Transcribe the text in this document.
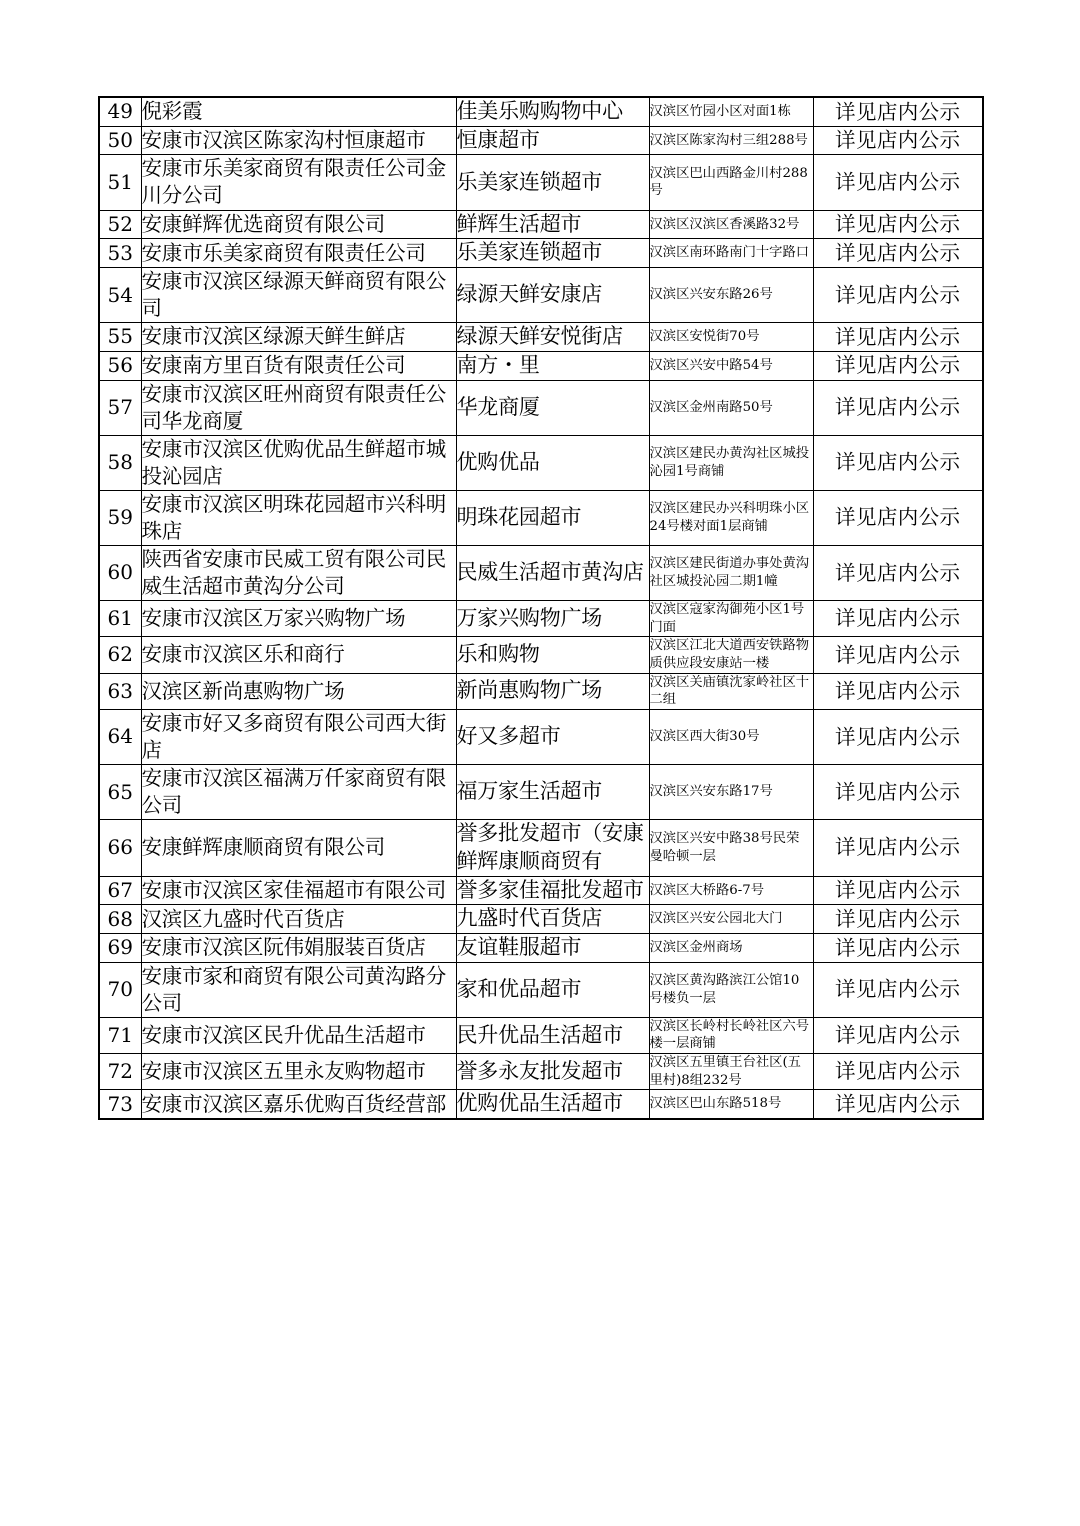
49	倪彩霞	佳美乐购购物中心	汉滨区竹园小区对面1栋	详见店内公示
50	安康市汉滨区陈家沟村恒康超市	恒康超市	汉滨区陈家沟村三组288号	详见店内公示
51	安康市乐美家商贸有限责任公司金川分公司	乐美家连锁超市	汉滨区巴山西路金川村288号	详见店内公示
52	安康鲜辉优选商贸有限公司	鲜辉生活超市	汉滨区汉滨区香溪路32号	详见店内公示
53	安康市乐美家商贸有限责任公司	乐美家连锁超市	汉滨区南环路南门十字路口	详见店内公示
54	安康市汉滨区绿源天鲜商贸有限公司	绿源天鲜安康店	汉滨区兴安东路26号	详见店内公示
55	安康市汉滨区绿源天鲜生鲜店	绿源天鲜安悦街店	汉滨区安悦街70号	详见店内公示
56	安康南方里百货有限责任公司	南方・里	汉滨区兴安中路54号	详见店内公示
57	安康市汉滨区旺州商贸有限责任公司华龙商厦	华龙商厦	汉滨区金州南路50号	详见店内公示
58	安康市汉滨区优购优品生鲜超市城投沁园店	优购优品	汉滨区建民办黄沟社区城投沁园1号商铺	详见店内公示
59	安康市汉滨区明珠花园超市兴科明珠店	明珠花园超市	汉滨区建民办兴科明珠小区24号楼对面1层商铺	详见店内公示
60	陕西省安康市民威工贸有限公司民威生活超市黄沟分公司	民威生活超市黄沟店	汉滨区建民街道办事处黄沟社区城投沁园二期1幢	详见店内公示
61	安康市汉滨区万家兴购物广场	万家兴购物广场	汉滨区寇家沟御苑小区1号门面	详见店内公示
62	安康市汉滨区乐和商行	乐和购物	汉滨区江北大道西安铁路物质供应段安康站一楼	详见店内公示
63	汉滨区新尚惠购物广场	新尚惠购物广场	汉滨区关庙镇沈家岭社区十二组	详见店内公示
64	安康市好又多商贸有限公司西大街店	好又多超市	汉滨区西大街30号	详见店内公示
65	安康市汉滨区福满万仟家商贸有限公司	福万家生活超市	汉滨区兴安东路17号	详见店内公示
66	安康鲜辉康顺商贸有限公司	誉多批发超市（安康鲜辉康顺商贸有	汉滨区兴安中路38号民荣曼哈顿一层	详见店内公示
67	安康市汉滨区家佳福超市有限公司	誉多家佳福批发超市	汉滨区大桥路6-7号	详见店内公示
68	汉滨区九盛时代百货店	九盛时代百货店	汉滨区兴安公园北大门	详见店内公示
69	安康市汉滨区阮伟娟服装百货店	友谊鞋服超市	汉滨区金州商场	详见店内公示
70	安康市家和商贸有限公司黄沟路分公司	家和优品超市	汉滨区黄沟路滨江公馆10号楼负一层	详见店内公示
71	安康市汉滨区民升优品生活超市	民升优品生活超市	汉滨区长岭村长岭社区六号楼一层商铺	详见店内公示
72	安康市汉滨区五里永友购物超市	誉多永友批发超市	汉滨区五里镇王台社区(五里村)8组232号	详见店内公示
73	安康市汉滨区嘉乐优购百货经营部	优购优品生活超市	汉滨区巴山东路518号	详见店内公示
